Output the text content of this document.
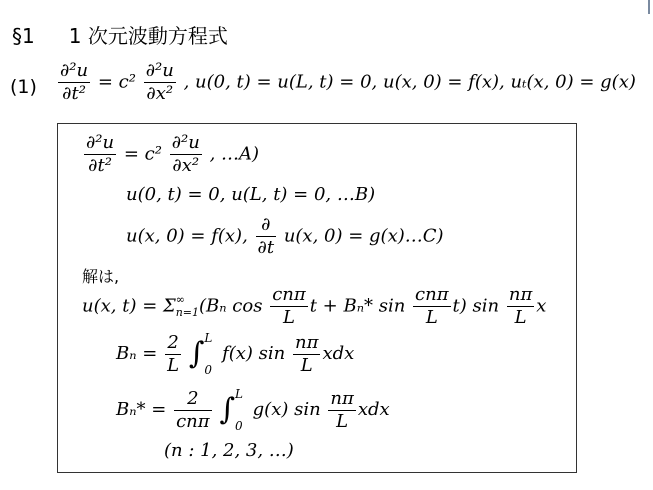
§1 1 次元波動方程式
$(1) \frac{\text{∂²u}}{\text{∂t²}} = c^2 \frac{\text{∂²u}}{\text{∂x²}}$ , u(0, t) = u(L, t) = 0, u(x, 0) = f(x), uₜ(x, 0) = g(x)
$\frac{\text{∂²u}}{\text{∂t²}} = c^2 \frac{\text{∂²u}}{\text{∂x²}}$ , …A)
u(0, t) = 0, u(L, t) = 0, …B)
u(x, 0) = f(x), $\frac{\partial}{\partial t} u(x$, 0) = g(x)…C)
解は,
u(x, t) = Σ ∞
n=1 (Bₙ $\cos \frac{\text{cnπ}}{L}$ t + Bₙ* $\sin \frac{\text{cnπ}}{L} t$) $\sin \frac{n\pi}{L}$ x
$B_n = \frac{2}{L}$ ∫ L
0
f(x) $\sin \frac{n\pi}{L}$ xdx
$B_n* = \frac{2}{\text{cnπ}}$ ∫ L
0
g(x) $\sin \frac{n\pi}{L}$ xdx
(n : 1, 2, 3, …)
